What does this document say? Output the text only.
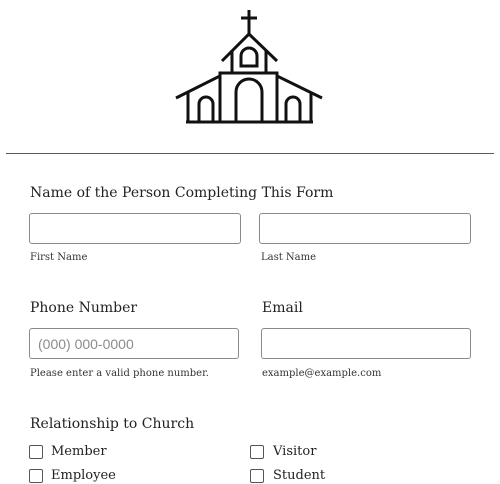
Name of the Person Completing This Form
First Name	Last Name
Phone Number
(000) 000-0000
Please enter a valid phone number.
Email
example@example.com
Relationship to Church
Member	Visitor
Employee	Student
